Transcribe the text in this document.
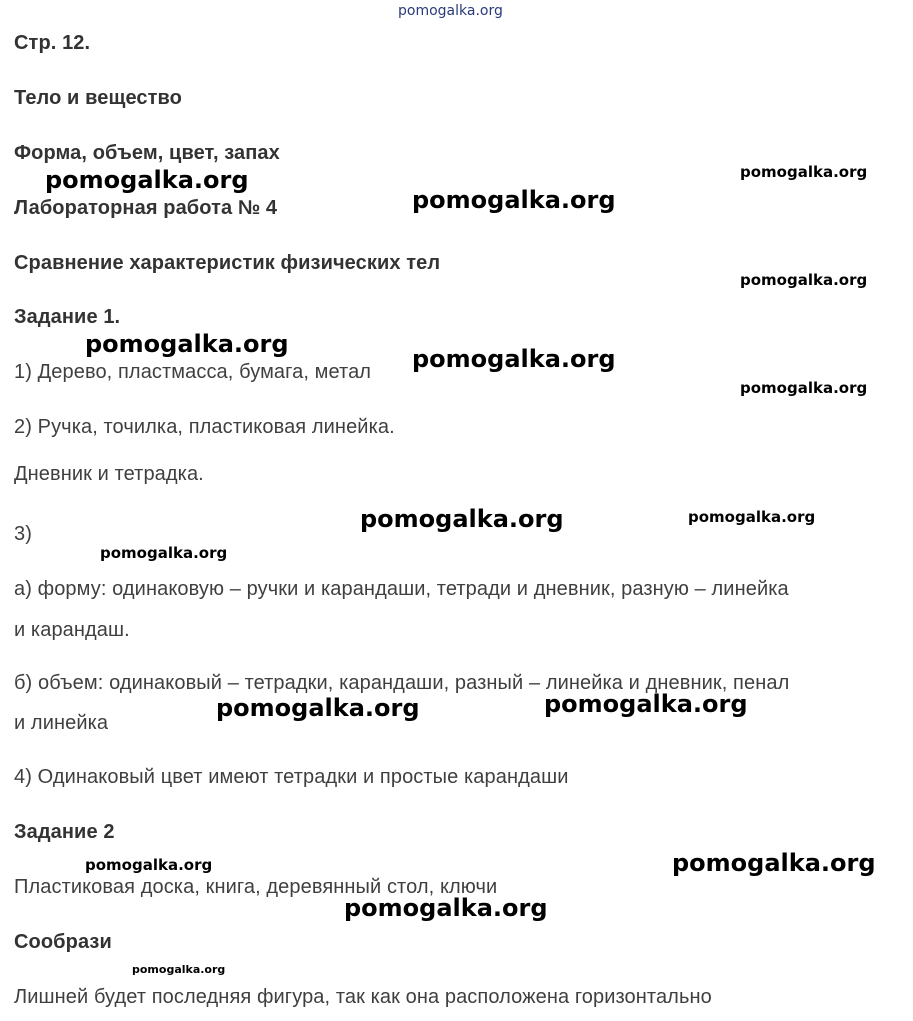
pomogalka.org
Стр. 12.
Тело и вещество
Форма, объем, цвет, запах
Лабораторная работа № 4
Сравнение характеристик физических тел
Задание 1.
1) Дерево, пластмасса, бумага, метал
2) Ручка, точилка, пластиковая линейка.
Дневник и тетрадка.
3)
а) форму: одинаковую – ручки и карандаши, тетради и дневник, разную – линейка
и карандаш.
б) объем: одинаковый – тетрадки, карандаши, разный – линейка и дневник, пенал
и линейка
4) Одинаковый цвет имеют тетрадки и простые карандаши
Задание 2
Пластиковая доска, книга, деревянный стол, ключи
Сообрази
Лишней будет последняя фигура, так как она расположена горизонтально
pomogalka.org	pomogalka.org
pomogalka.org
pomogalka.org
pomogalka.org
pomogalka.org
pomogalka.org
pomogalka.org	pomogalka.org
pomogalka.org
pomogalka.org	pomogalka.org
pomogalka.org	pomogalka.org
pomogalka.org
pomogalka.org
